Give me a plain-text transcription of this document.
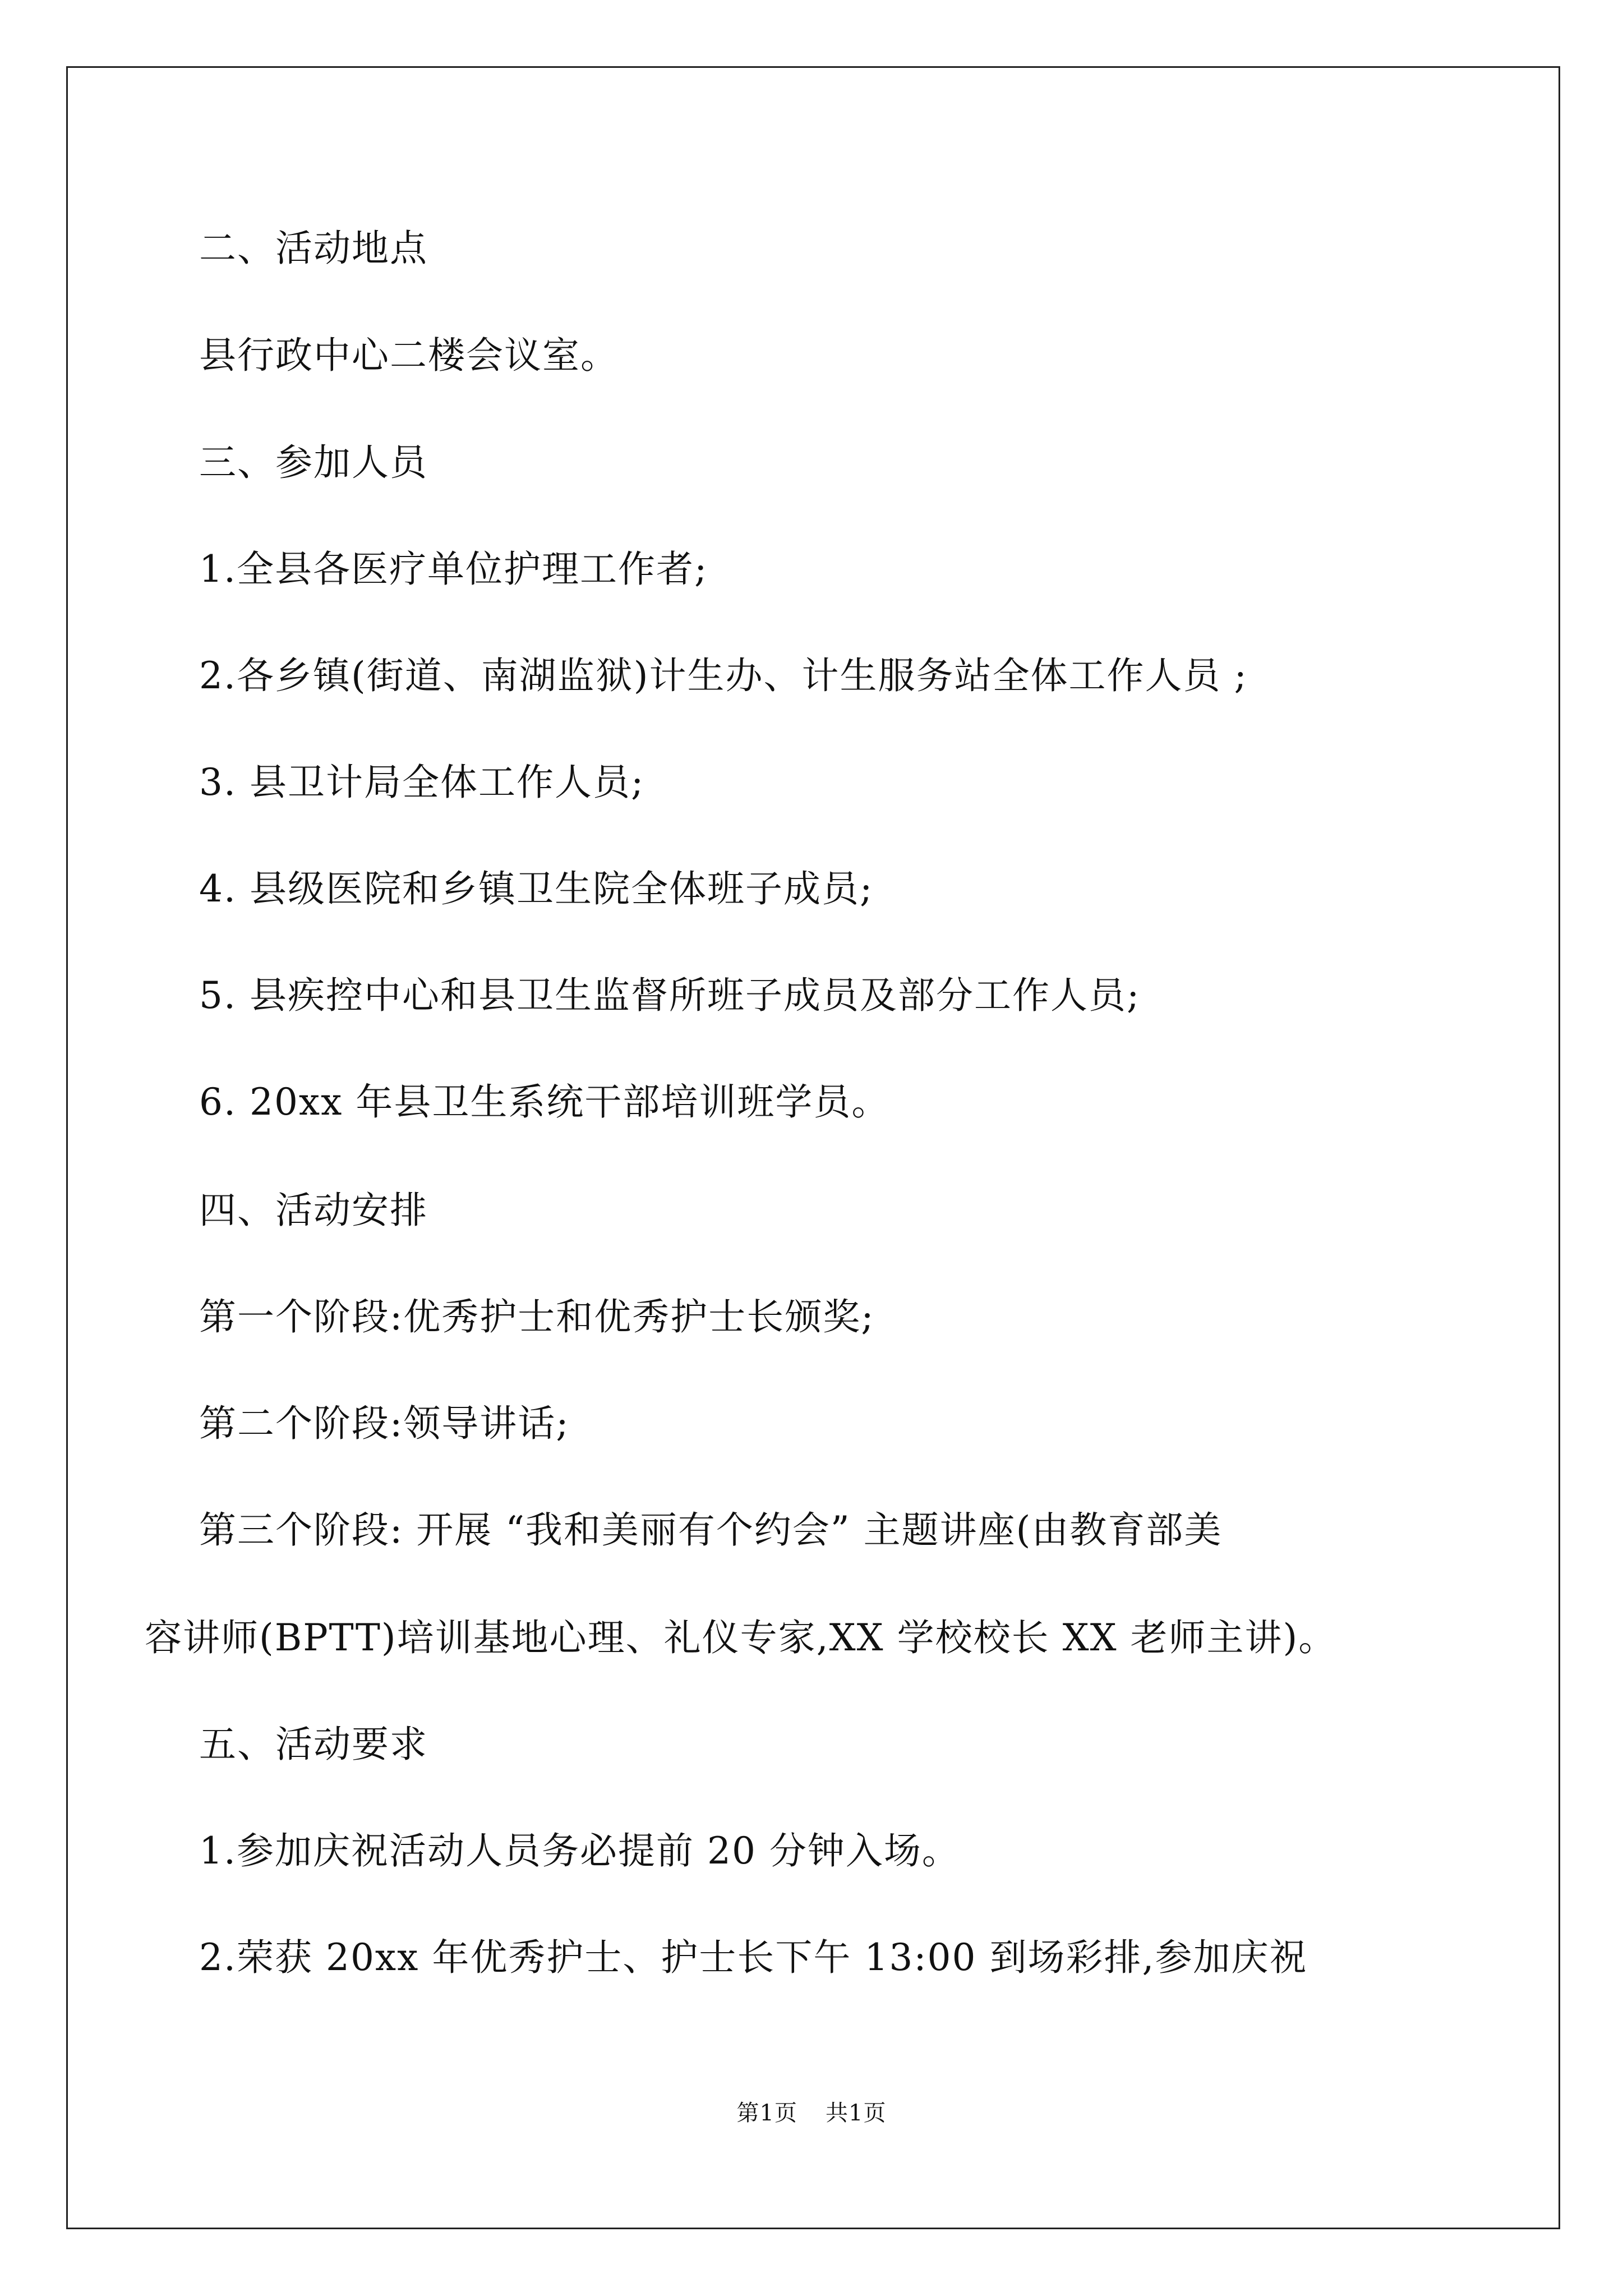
二、活动地点
县行政中心二楼会议室。
三、参加人员
1.全县各医疗单位护理工作者;
2.各乡镇(街道、南湖监狱)计生办、计生服务站全体工作人员 ;
3. 县卫计局全体工作人员;
4. 县级医院和乡镇卫生院全体班子成员;
5. 县疾控中心和县卫生监督所班子成员及部分工作人员;
6. 20xx 年县卫生系统干部培训班学员。
四、活动安排
第一个阶段:优秀护士和优秀护士长颁奖;
第二个阶段:领导讲话;
第三个阶段: 开展 “我和美丽有个约会” 主题讲座(由教育部美
容讲师(BPTT)培训基地心理、礼仪专家,XX 学校校长 XX 老师主讲)。
五、活动要求
1.参加庆祝活动人员务必提前 20 分钟入场。
2.荣获 20xx 年优秀护士、护士长下午 13:00 到场彩排,参加庆祝
第1页 共1页
